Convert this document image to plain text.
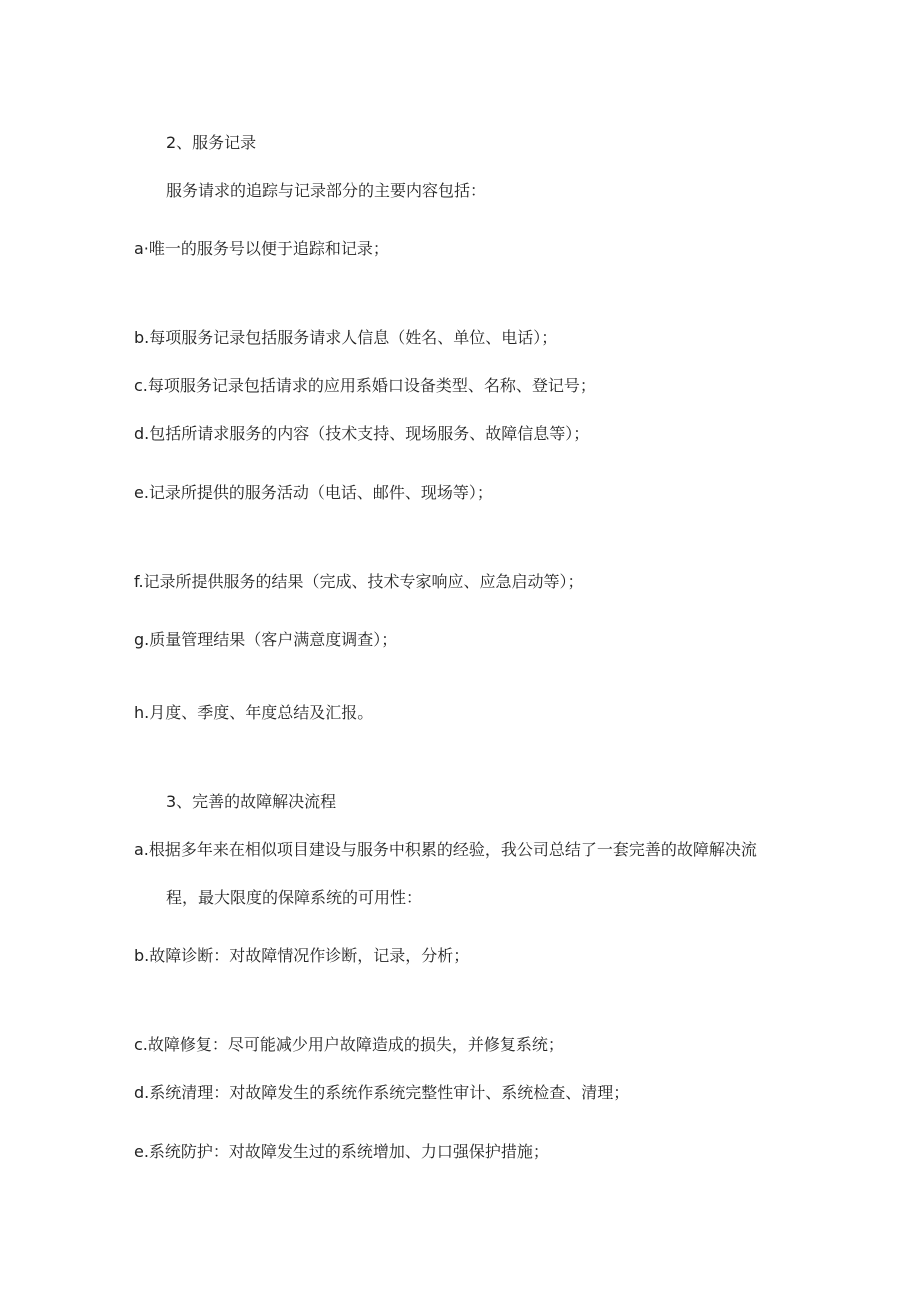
2、服务记录

服务请求的追踪与记录部分的主要内容包括：

a·唯一的服务号以便于追踪和记录；

b.每项服务记录包括服务请求人信息（姓名、单位、电话）；

c.每项服务记录包括请求的应用系婚口设备类型、名称、登记号；

d.包括所请求服务的内容（技术支持、现场服务、故障信息等）；

e.记录所提供的服务活动（电话、邮件、现场等）；

f.记录所提供服务的结果（完成、技术专家响应、应急启动等）；

g.质量管理结果（客户满意度调查）；

h.月度、季度、年度总结及汇报。

3、完善的故障解决流程

a.根据多年来在相似项目建设与服务中积累的经验，我公司总结了一套完善的故障解决流

程，最大限度的保障系统的可用性：

b.故障诊断：对故障情况作诊断，记录，分析；

c.故障修复：尽可能减少用户故障造成的损失，并修复系统；

d.系统清理：对故障发生的系统作系统完整性审计、系统检查、清理；

e.系统防护：对故障发生过的系统增加、力口强保护措施；
